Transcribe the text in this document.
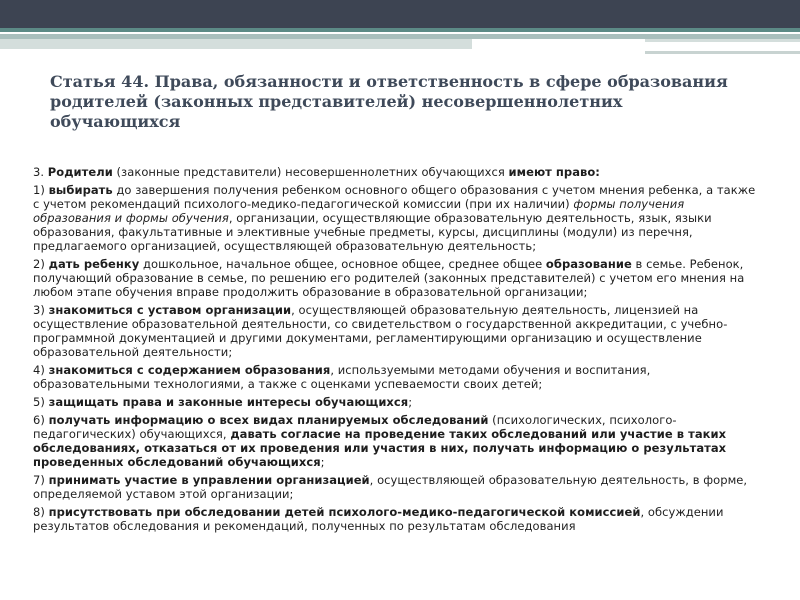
Статья 44. Права, обязанности и ответственность в сфере образования родителей (законных представителей) несовершеннолетних обучающихся

3. Родители (законные представители) несовершеннолетних обучающихся имеют право:

1) выбирать до завершения получения ребенком основного общего образования с учетом мнения ребенка, а также с учетом рекомендаций психолого-медико-педагогической комиссии (при их наличии) формы получения образования и формы обучения, организации, осуществляющие образовательную деятельность, язык, языки образования, факультативные и элективные учебные предметы, курсы, дисциплины (модули) из перечня, предлагаемого организацией, осуществляющей образовательную деятельность;

2) дать ребенку дошкольное, начальное общее, основное общее, среднее общее образование в семье. Ребенок, получающий образование в семье, по решению его родителей (законных представителей) с учетом его мнения на любом этапе обучения вправе продолжить образование в образовательной организации;

3) знакомиться с уставом организации, осуществляющей образовательную деятельность, лицензией на осуществление образовательной деятельности, со свидетельством о государственной аккредитации, с учебно-программной документацией и другими документами, регламентирующими организацию и осуществление образовательной деятельности;

4) знакомиться с содержанием образования, используемыми методами обучения и воспитания, образовательными технологиями, а также с оценками успеваемости своих детей;

5) защищать права и законные интересы обучающихся;

6) получать информацию о всех видах планируемых обследований (психологических, психолого-педагогических) обучающихся, давать согласие на проведение таких обследований или участие в таких обследованиях, отказаться от их проведения или участия в них, получать информацию о результатах проведенных обследований обучающихся;

7) принимать участие в управлении организацией, осуществляющей образовательную деятельность, в форме, определяемой уставом этой организации;

8) присутствовать при обследовании детей психолого-медико-педагогической комиссией, обсуждении результатов обследования и рекомендаций, полученных по результатам обследования
